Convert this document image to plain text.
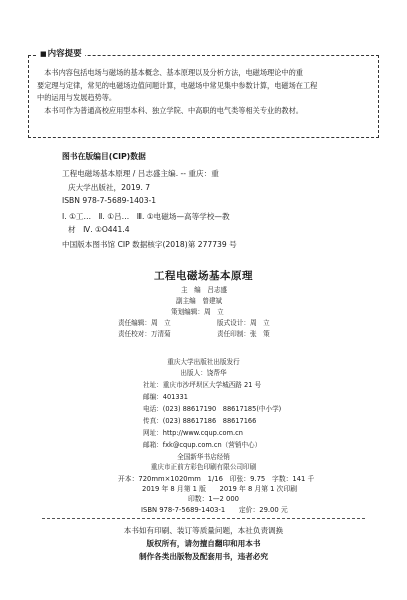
■内容提要
　本书内容包括电场与磁场的基本概念、基本原理以及分析方法，电磁场理论中的重
要定理与定律，常见的电磁场边值问题计算，电磁场中常见集中参数计算，电磁场在工程
中的运用与发展趋势等。
　本书可作为普通高校应用型本科、独立学院、中高职的电气类等相关专业的教材。
图书在版编目(CIP)数据
工程电磁场基本原理 / 吕志盛主编. -- 重庆：重
庆大学出版社，2019. 7
ISBN 978-7-5689-1403-1
Ⅰ. ①工…　Ⅱ. ①吕…　Ⅲ. ①电磁场—高等学校—教
材　Ⅳ. ①O441.4
中国版本图书馆 CIP 数据核字(2018)第 277739 号
工程电磁场基本原理
主　编　吕志盛
副主编　曾建斌
策划编辑：周　立
责任编辑：周　立	版式设计：周　立
责任校对：万清菊	责任印制：张　策
重庆大学出版社出版发行
出版人：饶帮华
社址：重庆市沙坪坝区大学城西路 21 号
邮编：401331
电话：(023) 88617190　88617185(中小学)
传真：(023) 88617186　88617166
网址：http://www.cqup.com.cn
邮箱：fxk@cqup.com.cn（营销中心）
全国新华书店经销
重庆市正前方彩色印刷有限公司印刷
开本：720mm×1020mm　1/16　印张：9.75　字数：141 千
2019 年 8 月第 1 版　　2019 年 8 月第 1 次印刷
印数：1—2 000
ISBN 978-7-5689-1403-1　　定价：29.00 元
本书如有印刷、装订等质量问题，本社负责调换
版权所有，请勿擅自翻印和用本书
制作各类出版物及配套用书，违者必究
